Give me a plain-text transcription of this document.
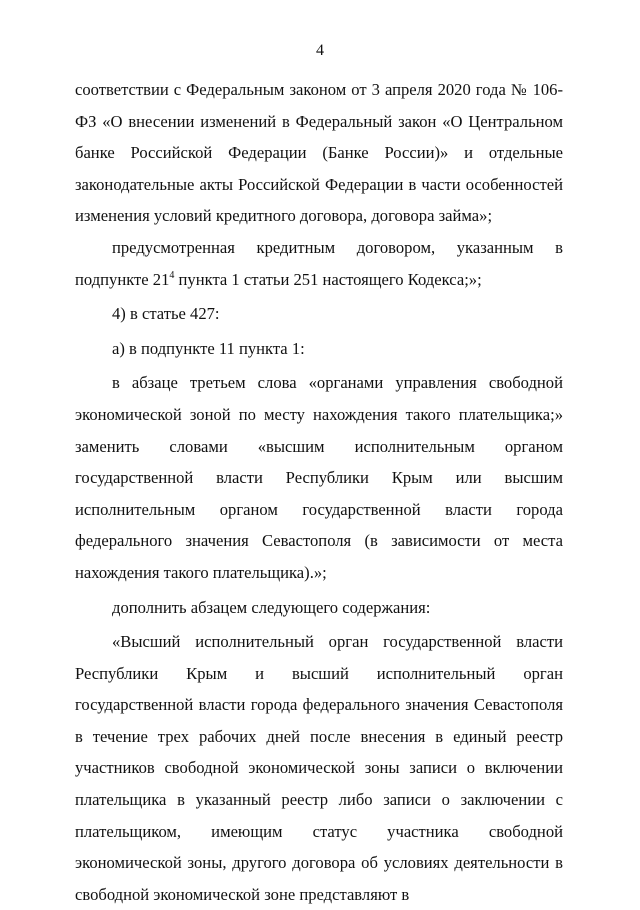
4

соответствии с Федеральным законом от 3 апреля 2020 года № 106-ФЗ «О внесении изменений в Федеральный закон «О Центральном банке Российской Федерации (Банке России)» и отдельные законодательные акты Российской Федерации в части особенностей изменения условий кредитного договора, договора займа»;

предусмотренная кредитным договором, указанным в подпункте $21^4$ пункта 1 статьи 251 настоящего Кодекса;»;

4) в статье 427:

а) в подпункте 11 пункта 1:

в абзаце третьем слова «органами управления свободной экономической зоной по месту нахождения такого плательщика;» заменить словами «высшим исполнительным органом государственной власти Республики Крым или высшим исполнительным органом государственной власти города федерального значения Севастополя (в зависимости от места нахождения такого плательщика).»;

дополнить абзацем следующего содержания:

«Высший исполнительный орган государственной власти Республики Крым и высший исполнительный орган государственной власти города федерального значения Севастополя в течение трех рабочих дней после внесения в единый реестр участников свободной экономической зоны записи о включении плательщика в указанный реестр либо записи о заключении с плательщиком, имеющим статус участника свободной экономической зоны, другого договора об условиях деятельности в свободной экономической зоне представляют в
